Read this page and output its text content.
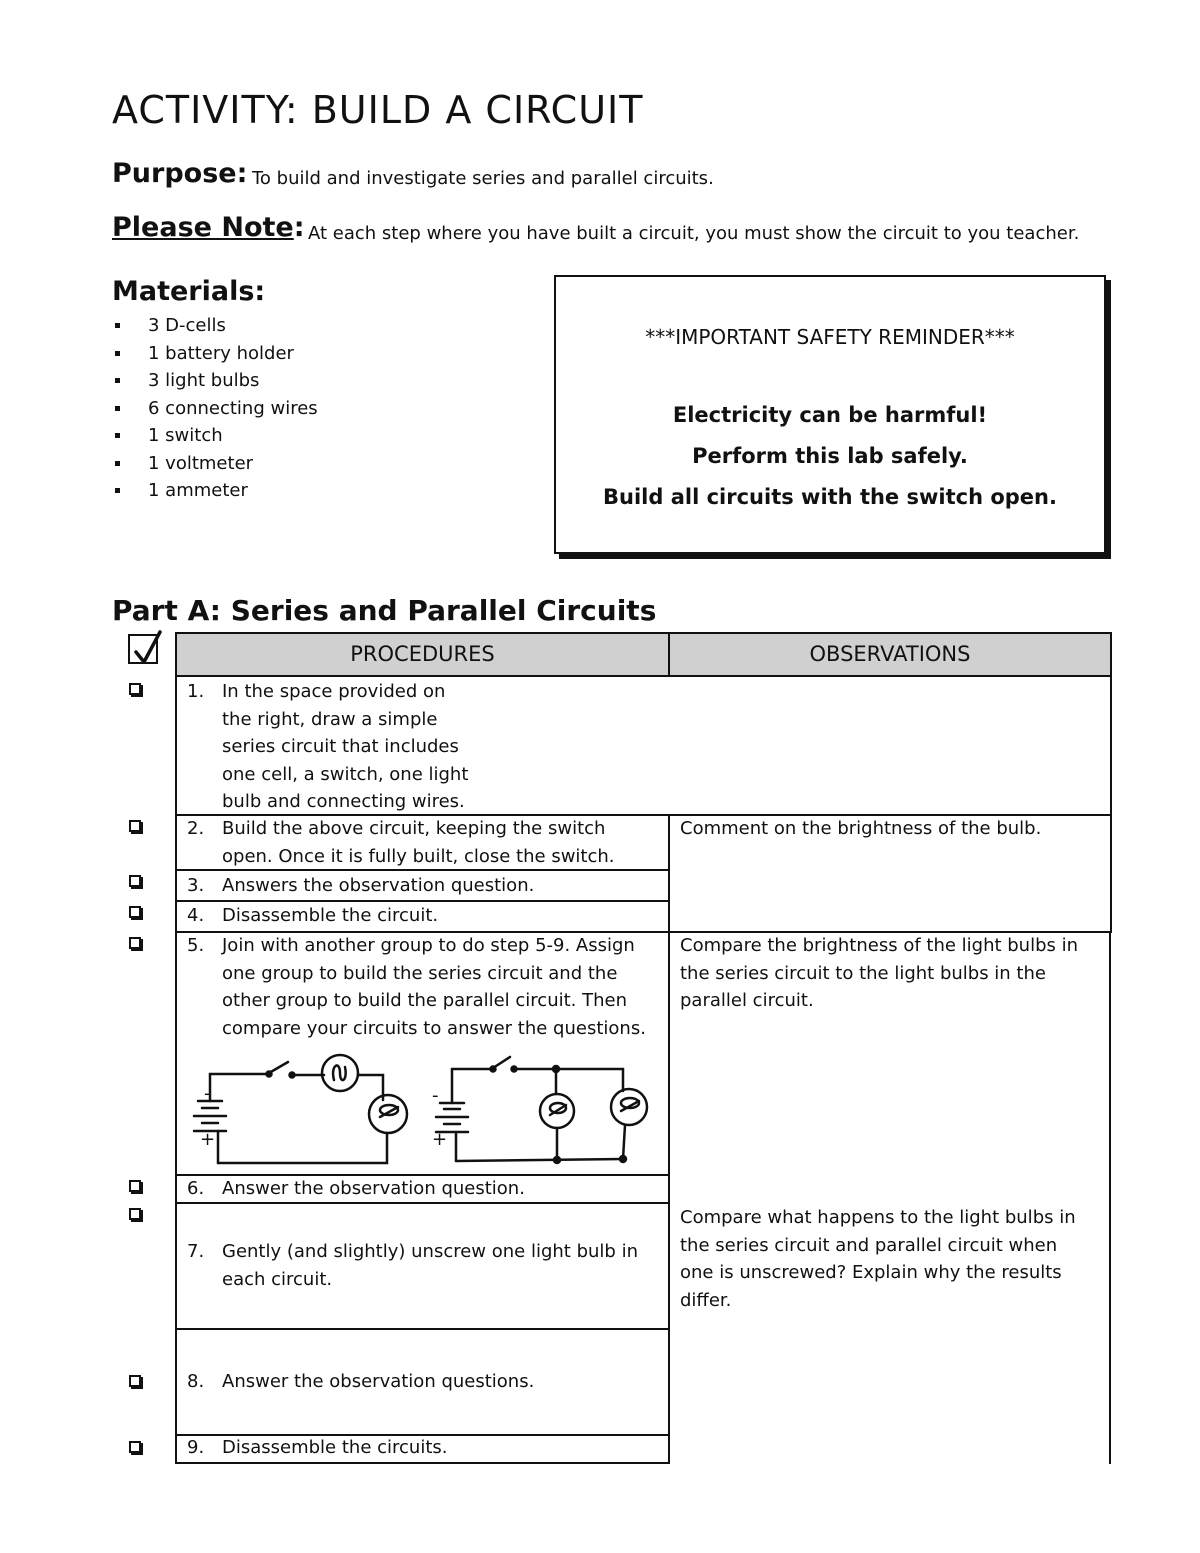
ACTIVITY: BUILD A CIRCUIT
Purpose: To build and investigate series and parallel circuits.
Please Note: At each step where you have built a circuit, you must show the circuit to you teacher.
Materials:
3 D-cells
1 battery holder
3 light bulbs
6 connecting wires
1 switch
1 voltmeter
1 ammeter
***IMPORTANT SAFETY REMINDER***
Electricity can be harmful!
Perform this lab safely.
Build all circuits with the switch open.
Part A: Series and Parallel Circuits
PROCEDURES	OBSERVATIONS
1. In the space provided on
the right, draw a simple
series circuit that includes
one cell, a switch, one light
bulb and connecting wires.
2. Build the above circuit, keeping the switch
open. Once it is fully built, close the switch.
3. Answers the observation question.
4. Disassemble the circuit.
Comment on the brightness of the bulb.
5. Join with another group to do step 5-9. Assign
one group to build the series circuit and the
other group to build the parallel circuit. Then
compare your circuits to answer the questions.
-
+
-
+
Compare the brightness of the light bulbs in
the series circuit to the light bulbs in the
parallel circuit.
6. Answer the observation question.
7. Gently (and slightly) unscrew one light bulb in
each circuit.
8. Answer the observation questions.
9. Disassemble the circuits.
Compare what happens to the light bulbs in
the series circuit and parallel circuit when
one is unscrewed? Explain why the results
differ.
